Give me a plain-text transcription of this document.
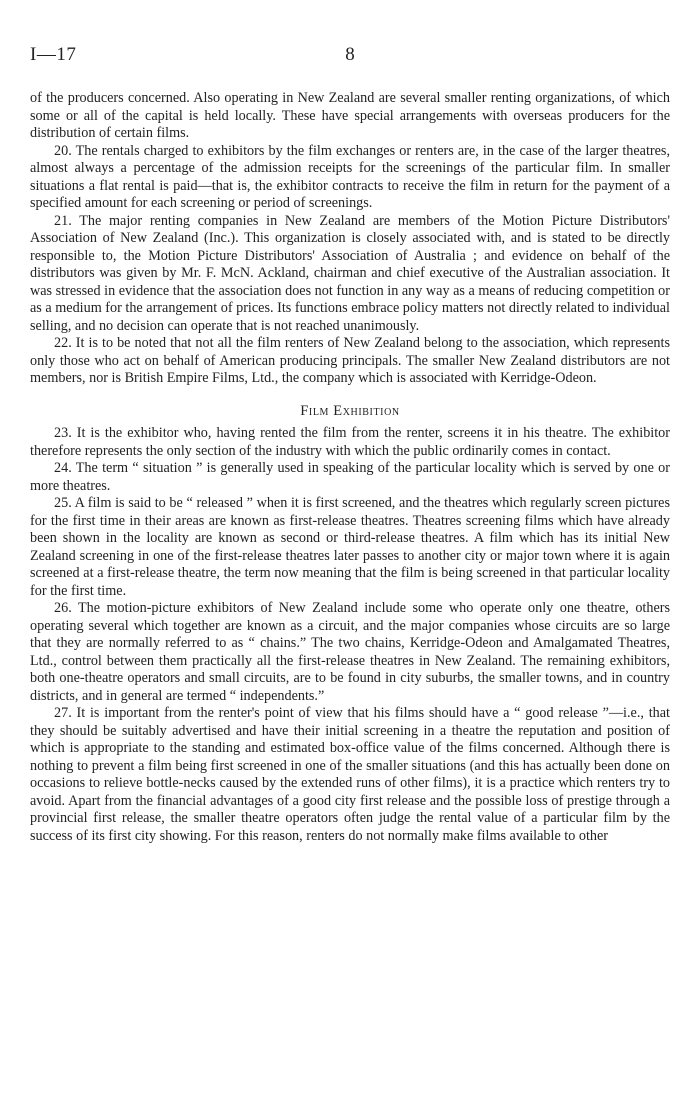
I—17	8

of the producers concerned. Also operating in New Zealand are several smaller renting organizations, of which some or all of the capital is held locally. These have special arrangements with overseas producers for the distribution of certain films.

20. The rentals charged to exhibitors by the film exchanges or renters are, in the case of the larger theatres, almost always a percentage of the admission receipts for the screenings of the particular film. In smaller situations a flat rental is paid—that is, the exhibitor contracts to receive the film in return for the payment of a specified amount for each screening or period of screenings.

21. The major renting companies in New Zealand are members of the Motion Picture Distributors' Association of New Zealand (Inc.). This organization is closely associated with, and is stated to be directly responsible to, the Motion Picture Distributors' Association of Australia ; and evidence on behalf of the distributors was given by Mr. F. McN. Ackland, chairman and chief executive of the Australian association. It was stressed in evidence that the association does not function in any way as a means of reducing competition or as a medium for the arrangement of prices. Its functions embrace policy matters not directly related to individual selling, and no decision can operate that is not reached unanimously.

22. It is to be noted that not all the film renters of New Zealand belong to the association, which represents only those who act on behalf of American producing principals. The smaller New Zealand distributors are not members, nor is British Empire Films, Ltd., the company which is associated with Kerridge-Odeon.

Film Exhibition

23. It is the exhibitor who, having rented the film from the renter, screens it in his theatre. The exhibitor therefore represents the only section of the industry with which the public ordinarily comes in contact.

24. The term “ situation ” is generally used in speaking of the particular locality which is served by one or more theatres.

25. A film is said to be “ released ” when it is first screened, and the theatres which regularly screen pictures for the first time in their areas are known as first-release theatres. Theatres screening films which have already been shown in the locality are known as second or third-release theatres. A film which has its initial New Zealand screening in one of the first-release theatres later passes to another city or major town where it is again screened at a first-release theatre, the term now meaning that the film is being screened in that particular locality for the first time.

26. The motion-picture exhibitors of New Zealand include some who operate only one theatre, others operating several which together are known as a circuit, and the major companies whose circuits are so large that they are normally referred to as “ chains.” The two chains, Kerridge-Odeon and Amalgamated Theatres, Ltd., control between them practically all the first-release theatres in New Zealand. The remaining exhibitors, both one-theatre operators and small circuits, are to be found in city suburbs, the smaller towns, and in country districts, and in general are termed “ independents.”

27. It is important from the renter's point of view that his films should have a “ good release ”—i.e., that they should be suitably advertised and have their initial screening in a theatre the reputation and position of which is appropriate to the standing and estimated box-office value of the films concerned. Although there is nothing to prevent a film being first screened in one of the smaller situations (and this has actually been done on occasions to relieve bottle-necks caused by the extended runs of other films), it is a practice which renters try to avoid. Apart from the financial advantages of a good city first release and the possible loss of prestige through a provincial first release, the smaller theatre operators often judge the rental value of a particular film by the success of its first city showing. For this reason, renters do not normally make films available to other
